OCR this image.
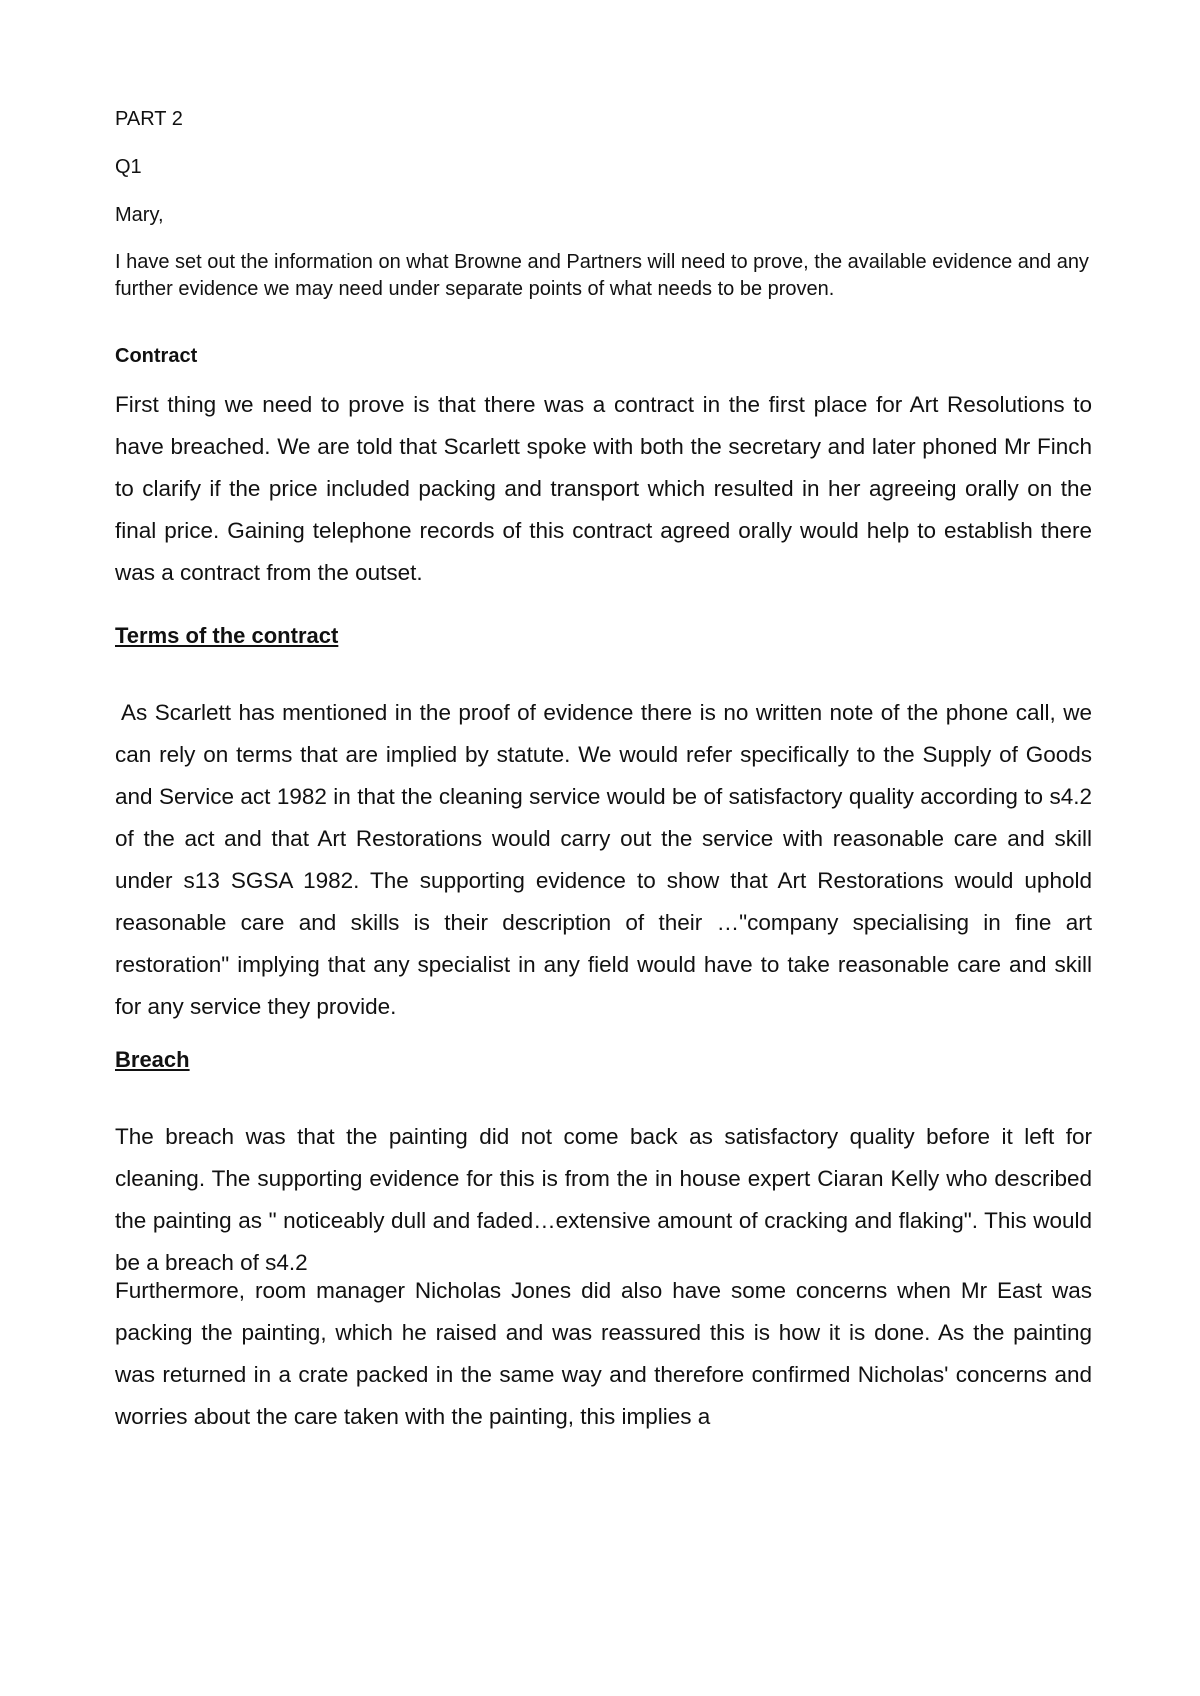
PART 2

Q1

Mary,

I have set out the information on what Browne and Partners will need to prove, the available evidence and any further evidence we may need under separate points of what needs to be proven.

Contract

First thing we need to prove is that there was a contract in the first place for Art Resolutions to have breached. We are told that Scarlett spoke with both the secretary and later phoned Mr Finch to clarify if the price included packing and transport which resulted in her agreeing orally on the final price. Gaining telephone records of this contract agreed orally would help to establish there was a contract from the outset.

Terms of the contract

As Scarlett has mentioned in the proof of evidence there is no written note of the phone call, we can rely on terms that are implied by statute. We would refer specifically to the Supply of Goods and Service act 1982 in that the cleaning service would be of satisfactory quality according to s4.2 of the act and that Art Restorations would carry out the service with reasonable care and skill under s13 SGSA 1982. The supporting evidence to show that Art Restorations would uphold reasonable care and skills is their description of their …"company specialising in fine art restoration" implying that any specialist in any field would have to take reasonable care and skill for any service they provide.

Breach

The breach was that the painting did not come back as satisfactory quality before it left for cleaning. The supporting evidence for this is from the in house expert Ciaran Kelly who described the painting as " noticeably dull and faded…extensive amount of cracking and flaking". This would be a breach of s4.2

Furthermore, room manager Nicholas Jones did also have some concerns when Mr East was packing the painting, which he raised and was reassured this is how it is done. As the painting was returned in a crate packed in the same way and therefore confirmed Nicholas' concerns and worries about the care taken with the painting, this implies a
